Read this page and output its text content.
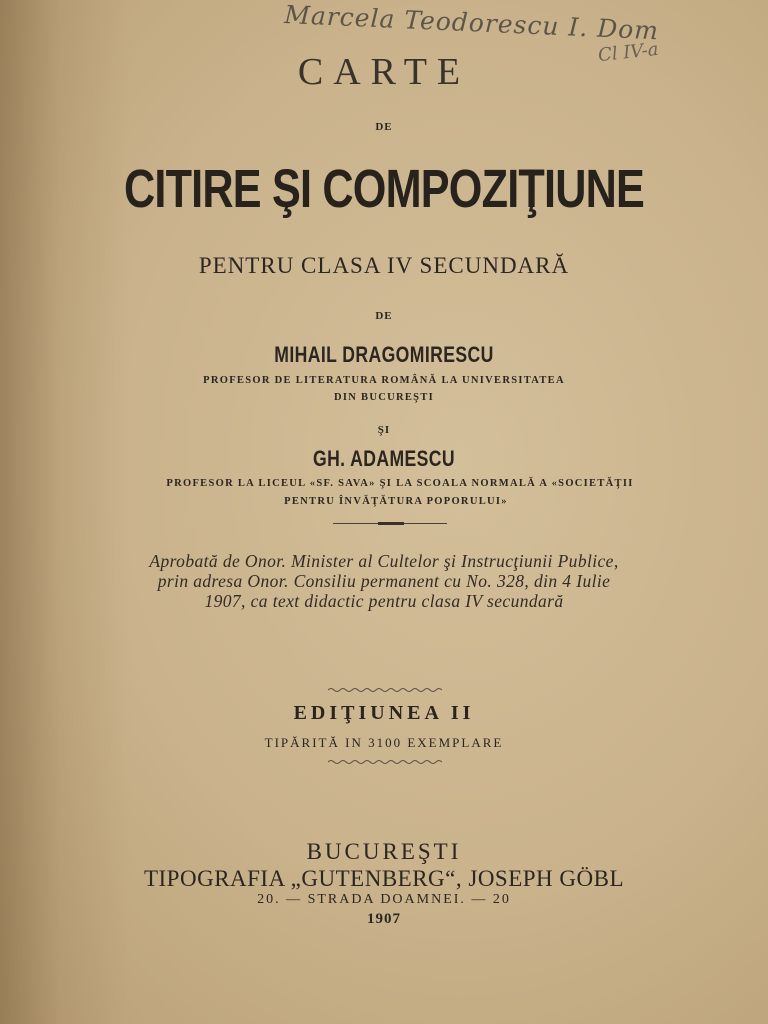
Marcela Teodorescu I. Dom
Cl IV-a
CARTE
DE
CITIRE ŞI COMPOZIŢIUNE
PENTRU CLASA IV SECUNDARĂ
DE
MIHAIL DRAGOMIRESCU
PROFESOR DE LITERATURA ROMÂNĂ LA UNIVERSITATEA
DIN BUCUREŞTI
ŞI
GH. ADAMESCU
PROFESOR LA LICEUL «SF. SAVA» ŞI LA SCOALA NORMALĂ A «SOCIETĂŢII
PENTRU ÎNVĂŢĂTURA POPORULUI»
Aprobată de Onor. Minister al Cultelor şi Instrucţiunii Publice,
prin adresa Onor. Consiliu permanent cu No. 328, din 4 Iulie
1907, ca text didactic pentru clasa IV secundară
EDIŢIUNEA II
TIPĂRITĂ IN 3100 EXEMPLARE
BUCUREŞTI
TIPOGRAFIA „GUTENBERG“, JOSEPH GÖBL
20. — STRADA DOAMNEI. — 20
1907
